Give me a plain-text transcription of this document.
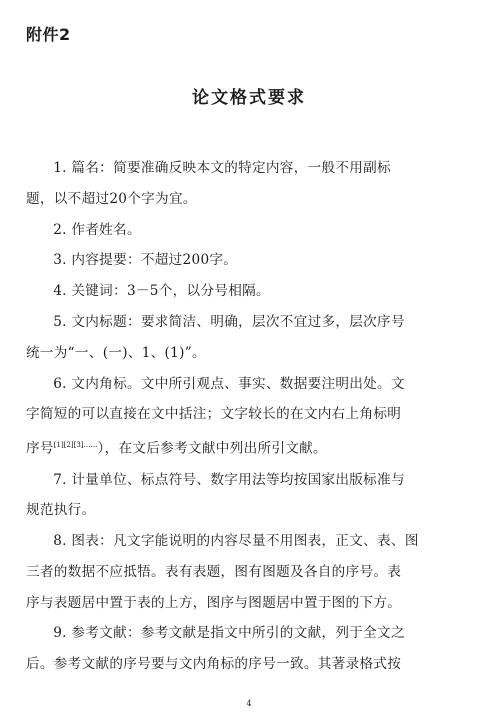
附件2
论文格式要求

1. 篇名：简要准确反映本文的特定内容，一般不用副标

题，以不超过20个字为宜。

2. 作者姓名。

3. 内容提要：不超过200字。

4. 关键词：3－5个，以分号相隔。

5. 文内标题：要求简洁、明确，层次不宜过多，层次序号

统一为“一、(一)、1、(1)”。

6. 文内角标。文中所引观点、事实、数据要注明出处。文

字简短的可以直接在文中括注；文字较长的在文内右上角标明
序号$^{[1][2][3]\dots\dots}$），在文后参考文献中列出所引文献。

7. 计量单位、标点符号、数字用法等均按国家出版标准与

规范执行。

8. 图表：凡文字能说明的内容尽量不用图表，正文、表、图

三者的数据不应抵牾。表有表题，图有图题及各自的序号。表
序与表题居中置于表的上方，图序与图题居中置于图的下方。

9. 参考文献：参考文献是指文中所引的文献，列于全文之

后。参考文献的序号要与文内角标的序号一致。其著录格式按

4
